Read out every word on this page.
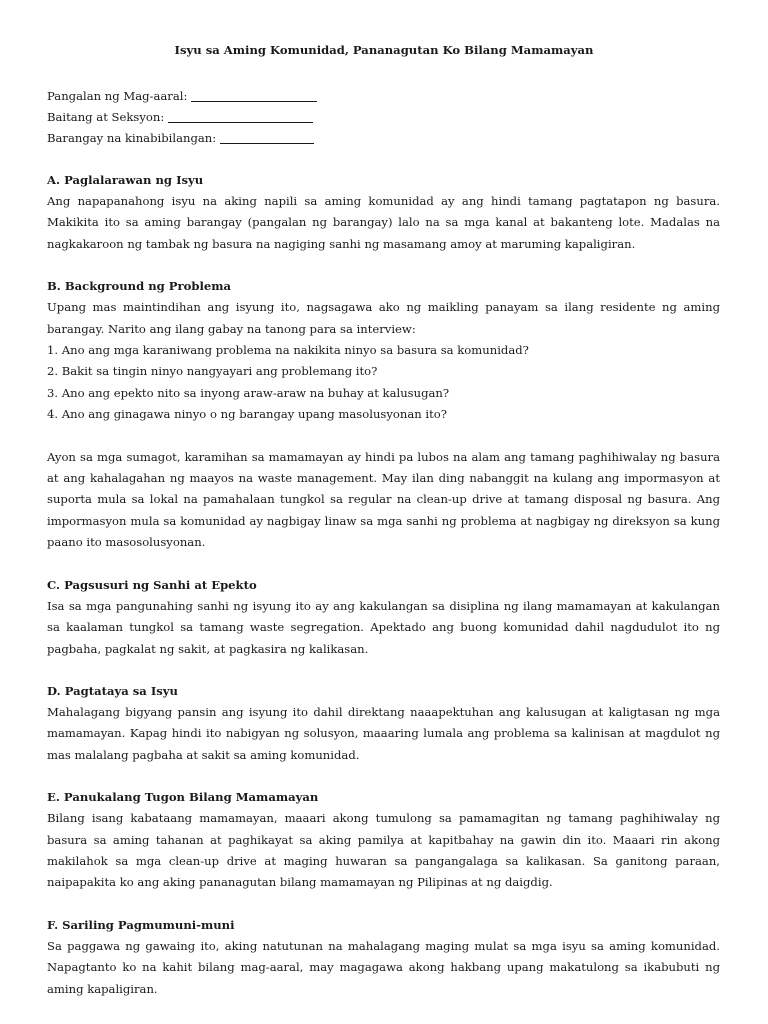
Isyu sa Aming Komunidad, Pananagutan Ko Bilang Mamamayan
Pangalan ng Mag-aaral:
Baitang at Seksyon:
Barangay na kinabibilangan:
A. Paglalarawan ng Isyu

Ang napapanahong isyu na aking napili sa aming komunidad ay ang hindi tamang pagtatapon ng basura. Makikita ito sa aming barangay (pangalan ng barangay) lalo na sa mga kanal at bakanteng lote. Madalas na nagkakaroon ng tambak ng basura na nagiging sanhi ng masamang amoy at maruming kapaligiran.

B. Background ng Problema

Upang mas maintindihan ang isyung ito, nagsagawa ako ng maikling panayam sa ilang residente ng aming barangay. Narito ang ilang gabay na tanong para sa interview:

1. Ano ang mga karaniwang problema na nakikita ninyo sa basura sa komunidad?

2. Bakit sa tingin ninyo nangyayari ang problemang ito?

3. Ano ang epekto nito sa inyong araw-araw na buhay at kalusugan?

4. Ano ang ginagawa ninyo o ng barangay upang masolusyonan ito?

Ayon sa mga sumagot, karamihan sa mamamayan ay hindi pa lubos na alam ang tamang paghihiwalay ng basura at ang kahalagahan ng maayos na waste management. May ilan ding nabanggit na kulang ang impormasyon at suporta mula sa lokal na pamahalaan tungkol sa regular na clean-up drive at tamang disposal ng basura. Ang impormasyon mula sa komunidad ay nagbigay linaw sa mga sanhi ng problema at nagbigay ng direksyon sa kung paano ito masosolusyonan.

C. Pagsusuri ng Sanhi at Epekto

Isa sa mga pangunahing sanhi ng isyung ito ay ang kakulangan sa disiplina ng ilang mamamayan at kakulangan sa kaalaman tungkol sa tamang waste segregation. Apektado ang buong komunidad dahil nagdudulot ito ng pagbaha, pagkalat ng sakit, at pagkasira ng kalikasan.

D. Pagtataya sa Isyu

Mahalagang bigyang pansin ang isyung ito dahil direktang naaapektuhan ang kalusugan at kaligtasan ng mga mamamayan. Kapag hindi ito nabigyan ng solusyon, maaaring lumala ang problema sa kalinisan at magdulot ng mas malalang pagbaha at sakit sa aming komunidad.

E. Panukalang Tugon Bilang Mamamayan

Bilang isang kabataang mamamayan, maaari akong tumulong sa pamamagitan ng tamang paghihiwalay ng basura sa aming tahanan at paghikayat sa aking pamilya at kapitbahay na gawin din ito. Maaari rin akong makilahok sa mga clean-up drive at maging huwaran sa pangangalaga sa kalikasan. Sa ganitong paraan, naipapakita ko ang aking pananagutan bilang mamamayan ng Pilipinas at ng daigdig.

F. Sariling Pagmumuni-muni

Sa paggawa ng gawaing ito, aking natutunan na mahalagang maging mulat sa mga isyu sa aming komunidad. Napagtanto ko na kahit bilang mag-aaral, may magagawa akong hakbang upang makatulong sa ikabubuti ng aming kapaligiran.
